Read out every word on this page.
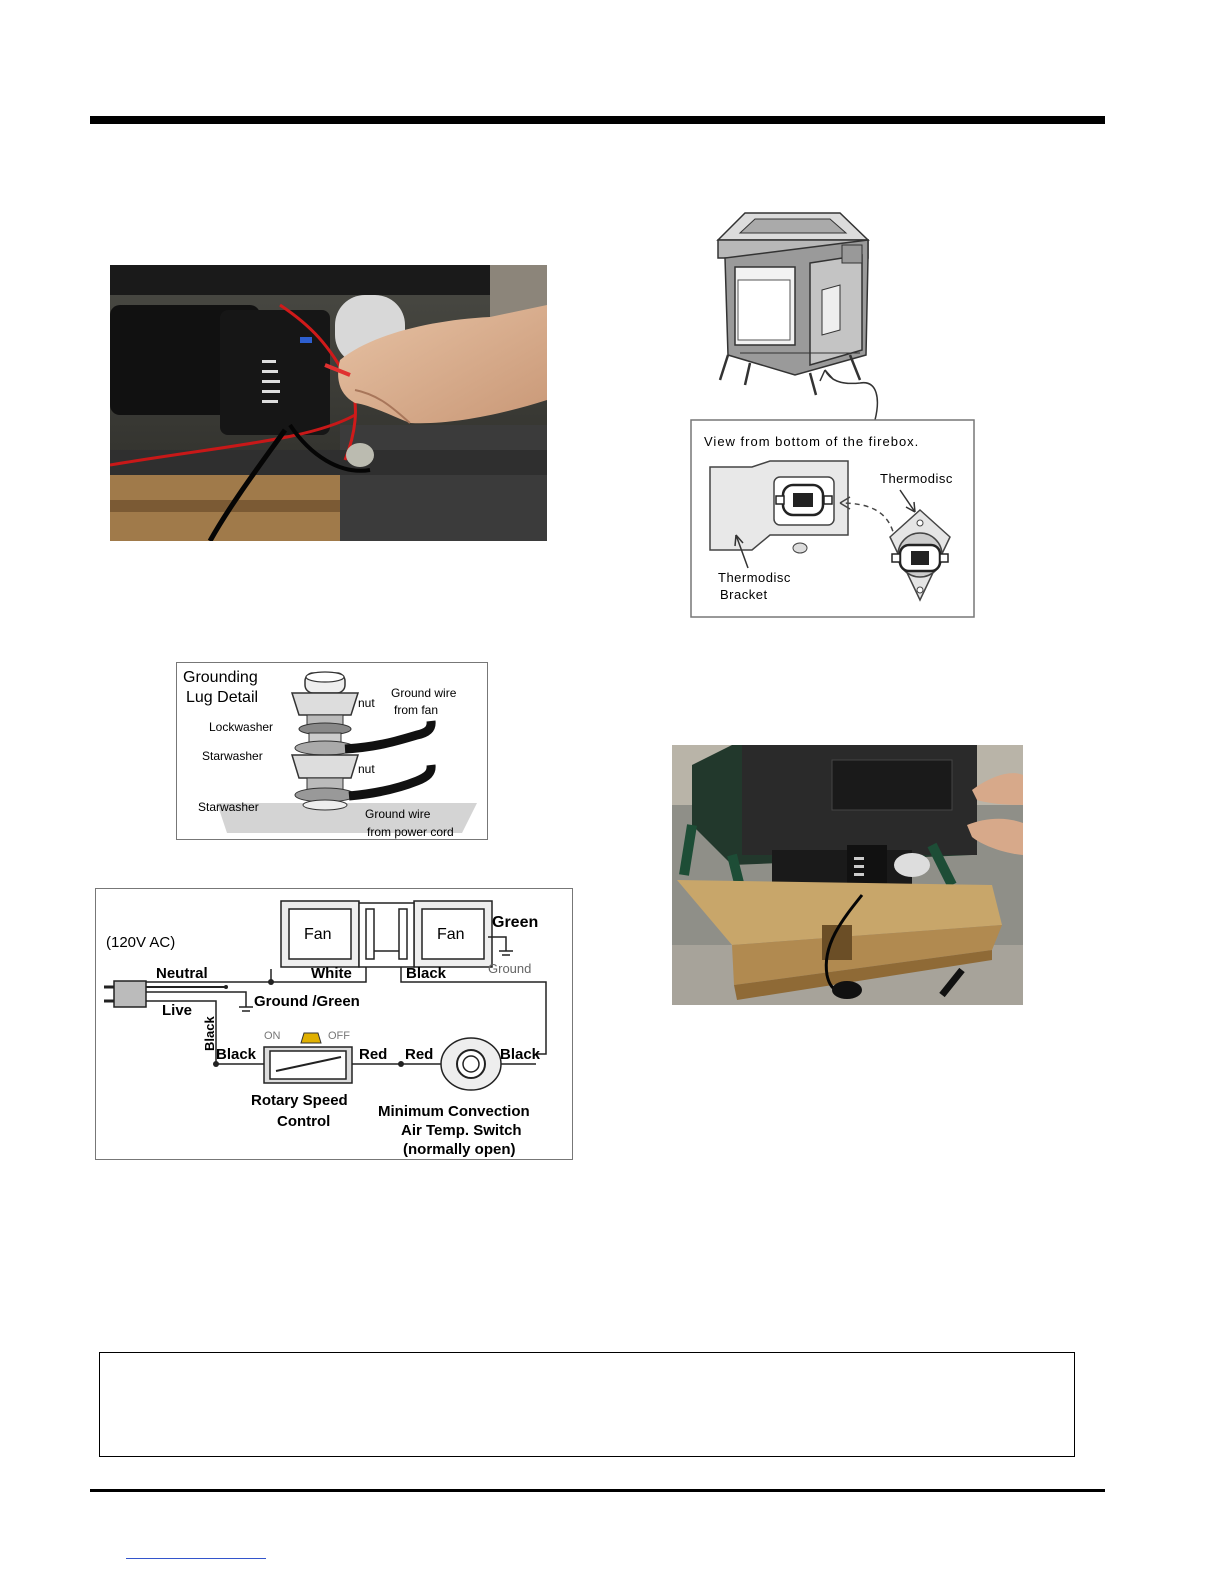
View from bottom of the firebox.
Thermodisc
Thermodisc
Bracket
Grounding
Lug Detail	nut
Ground wire
from fan
Lockwasher
Starwasher
nut
Starwasher	Ground wire
from power cord
(120V AC)	Fan	Fan
Green
Neutral	White	Black	Ground
Ground /Green
Live
Black	ON	OFF
Black	Red Red	Black
Rotary Speed
Control
Minimum Convection
Air Temp. Switch
(normally open)
